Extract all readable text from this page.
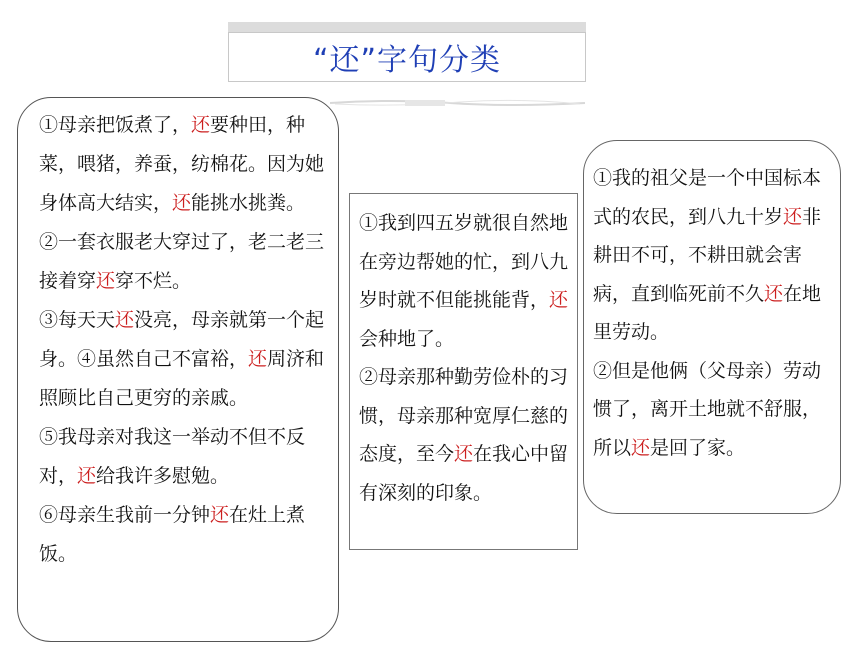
“还”字句分类

①母亲把饭煮了，还要种田，种菜，喂猪，养蚕，纺棉花。因为她身体高大结实，还能挑水挑粪。

②一套衣服老大穿过了，老二老三接着穿还穿不烂。

③每天天还没亮，母亲就第一个起身。④虽然自己不富裕，还周济和照顾比自己更穷的亲戚。

⑤我母亲对我这一举动不但不反对，还给我许多慰勉。

⑥母亲生我前一分钟还在灶上煮饭。

①我到四五岁就很自然地在旁边帮她的忙，到八九岁时就不但能挑能背，还会种地了。

②母亲那种勤劳俭朴的习惯，母亲那种宽厚仁慈的态度，至今还在我心中留有深刻的印象。

①我的祖父是一个中国标本式的农民，到八九十岁还非耕田不可，不耕田就会害病，直到临死前不久还在地里劳动。

②但是他俩（父母亲）劳动惯了，离开土地就不舒服，所以还是回了家。
